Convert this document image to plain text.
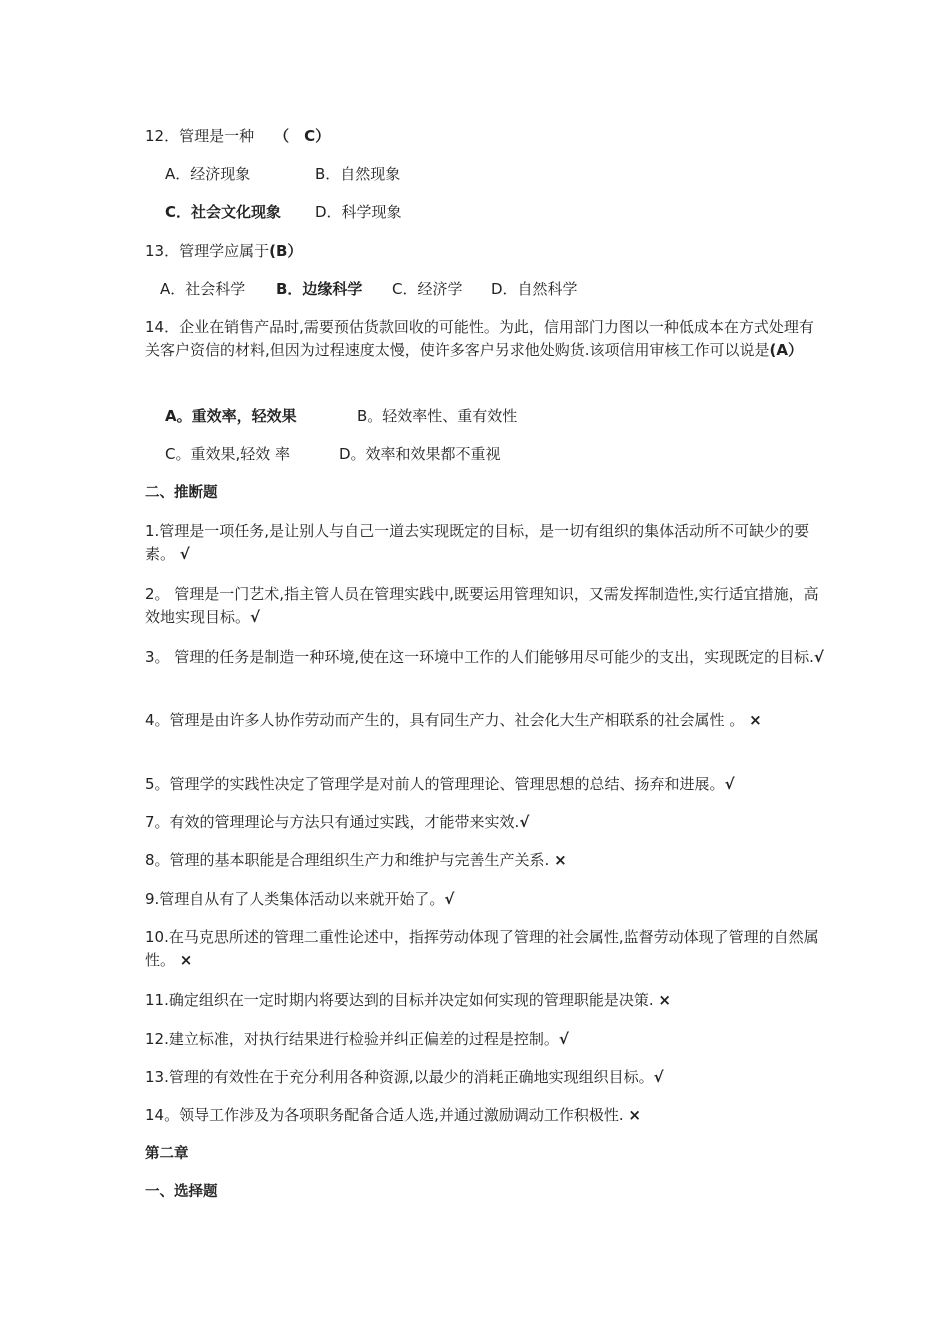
12．管理是一种 （　C）
A．经济现象	B．自然现象
C．社会文化现象 D．科学现象
13．管理学应属于(B）
A．社会科学 B．边缘科学 C．经济学 D．自然科学
14．企业在销售产品时,需要预估货款回收的可能性。为此，信用部门力图以一种低成本在方式处理有关客户资信的材料,但因为过程速度太慢，使许多客户另求他处购货.该项信用审核工作可以说是(A）
A。重效率，轻效果	B。轻效率性、重有效性
C。重效果,轻效 率	D。效率和效果都不重视
二、推断题
1.管理是一项任务,是让别人与自己一道去实现既定的目标，是一切有组织的集体活动所不可缺少的要素。 √
2。 管理是一门艺术,指主管人员在管理实践中,既要运用管理知识，又需发挥制造性,实行适宜措施，高效地实现目标。√
3。 管理的任务是制造一种环境,使在这一环境中工作的人们能够用尽可能少的支出，实现既定的目标.√
4。管理是由许多人协作劳动而产生的，具有同生产力、社会化大生产相联系的社会属性 。 ×
5。管理学的实践性决定了管理学是对前人的管理理论、管理思想的总结、扬弃和进展。√
7。有效的管理理论与方法只有通过实践，才能带来实效.√
8。管理的基本职能是合理组织生产力和维护与完善生产关系. ×
9.管理自从有了人类集体活动以来就开始了。√
10.在马克思所述的管理二重性论述中，指挥劳动体现了管理的社会属性,监督劳动体现了管理的自然属性。 ×
11.确定组织在一定时期内将要达到的目标并决定如何实现的管理职能是决策. ×
12.建立标准，对执行结果进行检验并纠正偏差的过程是控制。√
13.管理的有效性在于充分利用各种资源,以最少的消耗正确地实现组织目标。√
14。领导工作涉及为各项职务配备合适人选,并通过激励调动工作积极性. ×
第二章
一、选择题
